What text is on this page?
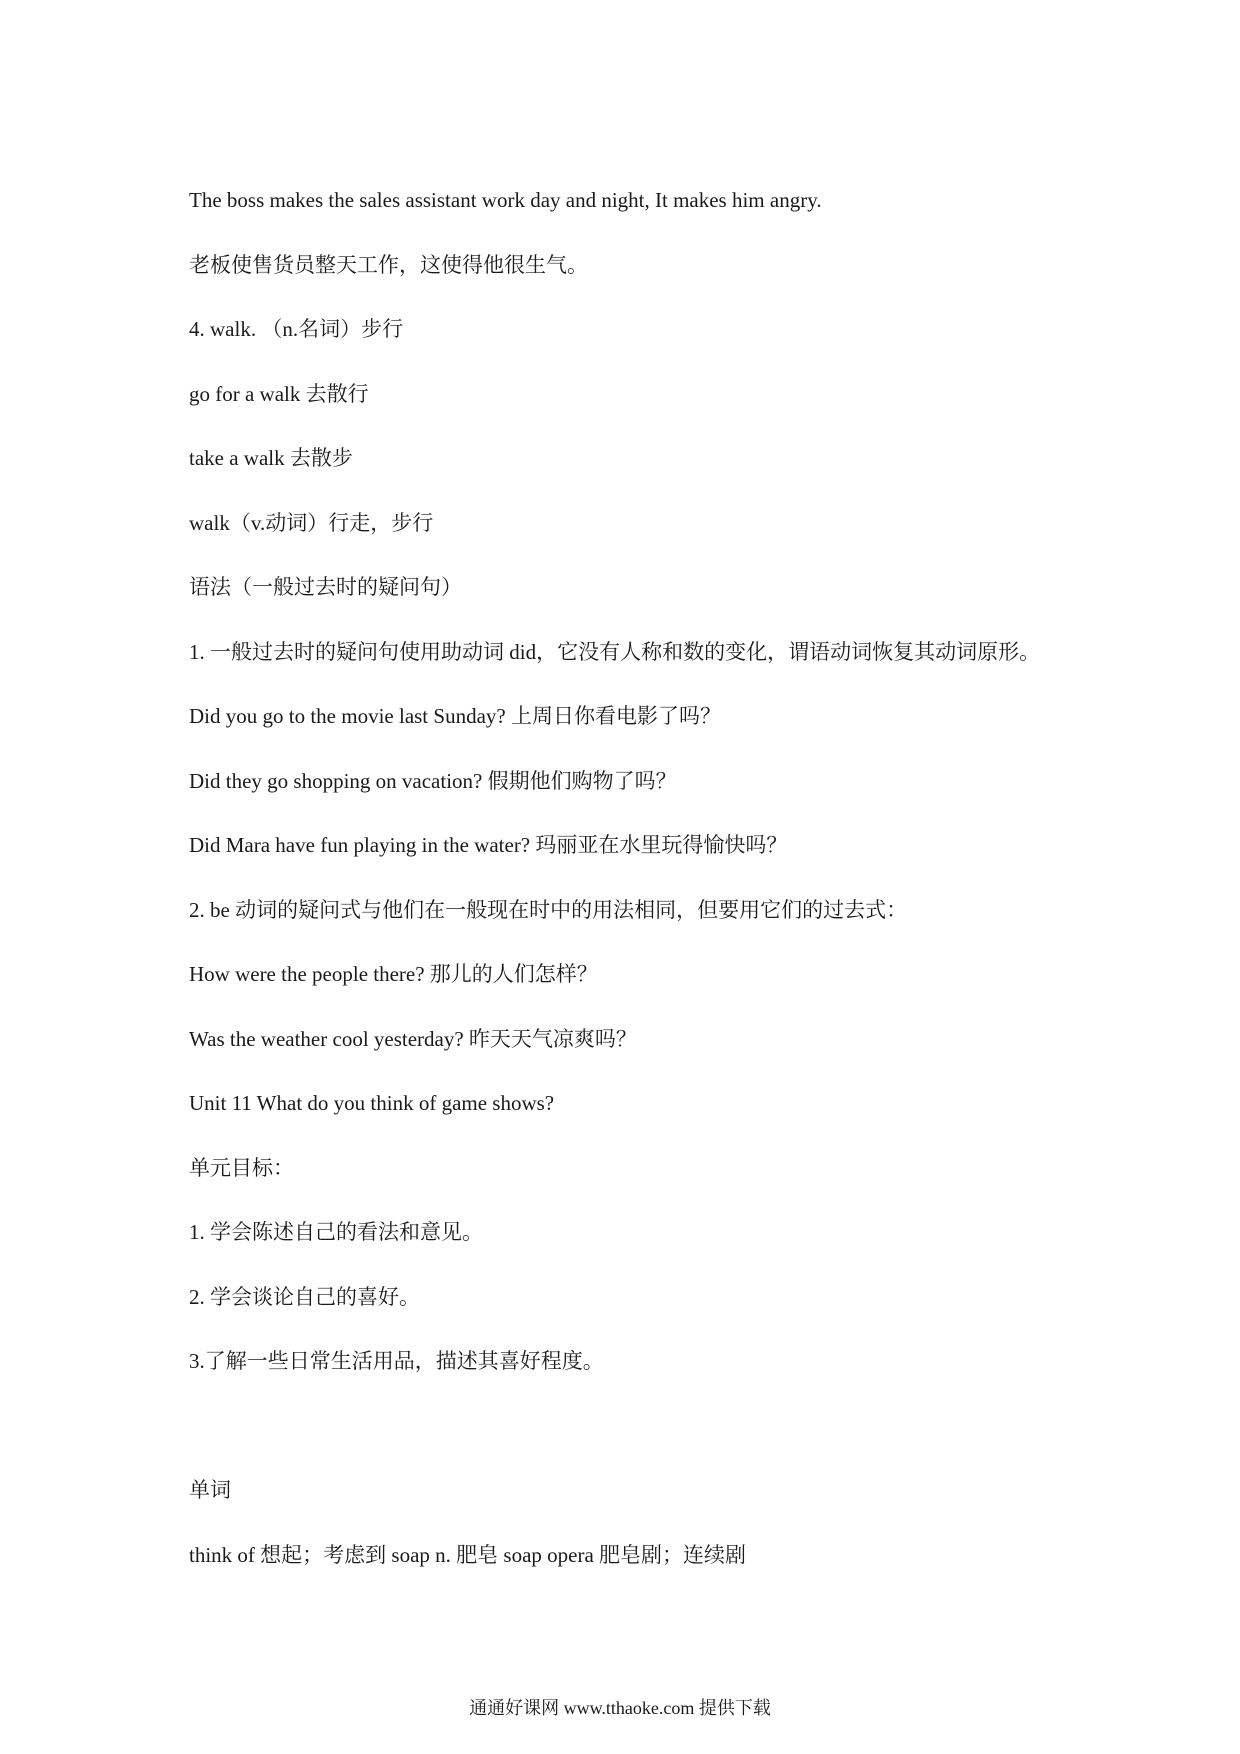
The boss makes the sales assistant work day and night, It makes him angry.
老板使售货员整天工作，这使得他很生气。
4. walk. （n.名词）步行
go for a walk 去散行
take a walk 去散步
walk（v.动词）行走，步行
语法（一般过去时的疑问句）
1. 一般过去时的疑问句使用助动词 did，它没有人称和数的变化，谓语动词恢复其动词原形。
Did you go to the movie last Sunday? 上周日你看电影了吗？
Did they go shopping on vacation? 假期他们购物了吗？
Did Mara have fun playing in the water? 玛丽亚在水里玩得愉快吗？
2. be 动词的疑问式与他们在一般现在时中的用法相同，但要用它们的过去式：
How were the people there? 那儿的人们怎样？
Was the weather cool yesterday? 昨天天气凉爽吗？
Unit 11 What do you think of game shows?
单元目标：
1. 学会陈述自己的看法和意见。
2. 学会谈论自己的喜好。
3.了解一些日常生活用品，描述其喜好程度。
单词
think of 想起；考虑到 soap n. 肥皂 soap opera 肥皂剧；连续剧
通通好课网 www.tthaoke.com 提供下载
